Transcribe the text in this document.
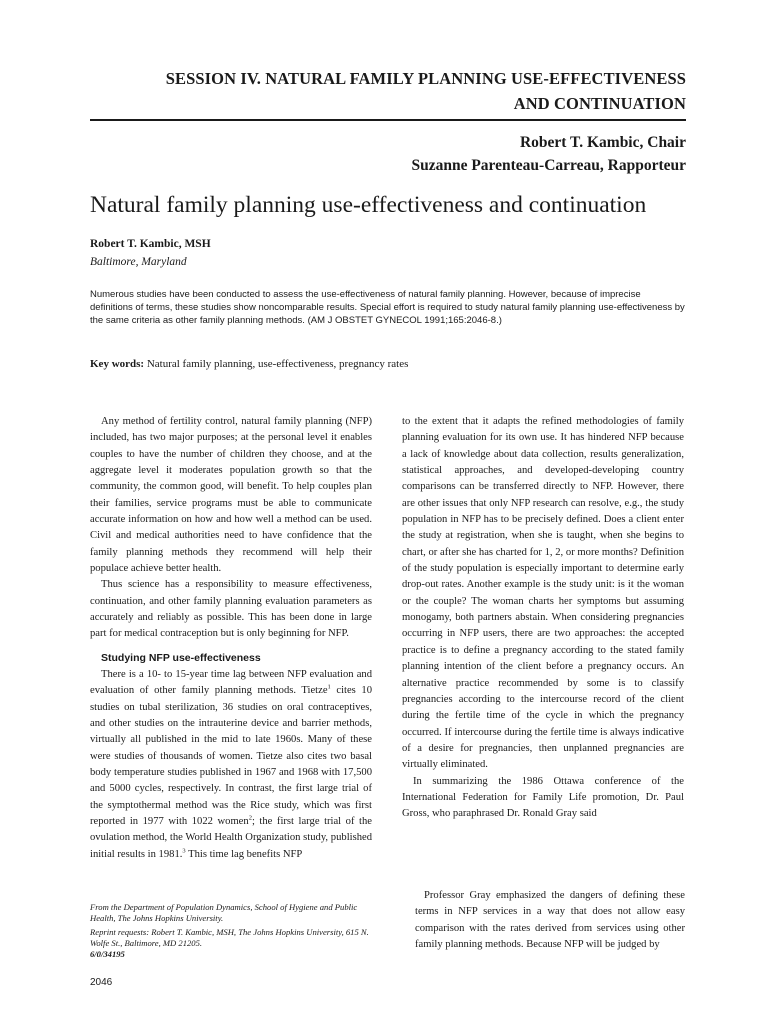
SESSION IV. NATURAL FAMILY PLANNING USE-EFFECTIVENESS
AND CONTINUATION
Robert T. Kambic, Chair
Suzanne Parenteau-Carreau, Rapporteur
Natural family planning use-effectiveness and continuation
Robert T. Kambic, MSH
Baltimore, Maryland

Numerous studies have been conducted to assess the use-effectiveness of natural family planning. However, because of imprecise definitions of terms, these studies show noncomparable results. Special effort is required to study natural family planning use-effectiveness by the same criteria as other family planning methods. (AM J OBSTET GYNECOL 1991;165:2046-8.)

Key words: Natural family planning, use-effectiveness, pregnancy rates

Any method of fertility control, natural family planning (NFP) included, has two major purposes; at the personal level it enables couples to have the number of children they choose, and at the aggregate level it moderates population growth so that the community, the common good, will benefit. To help couples plan their families, service programs must be able to communicate accurate information on how and how well a method can be used. Civil and medical authorities need to have confidence that the family planning methods they recommend will help their populace achieve better health.

Thus science has a responsibility to measure effectiveness, continuation, and other family planning evaluation parameters as accurately and reliably as possible. This has been done in large part for medical contraception but is only beginning for NFP.

Studying NFP use-effectiveness

There is a 10- to 15-year time lag between NFP evaluation and evaluation of other family planning methods. Tietze$^1$ cites 10 studies on tubal sterilization, 36 studies on oral contraceptives, and other studies on the intrauterine device and barrier methods, virtually all published in the mid to late 1960s. Many of these were studies of thousands of women. Tietze also cites two basal body temperature studies published in 1967 and 1968 with 17,500 and 5000 cycles, respectively. In contrast, the first large trial of the symptothermal method was the Rice study, which was first reported in 1977 with 1022 women$^2$; the first large trial of the ovulation method, the World Health Organization study, published initial results in 1981.$^3$ This time lag benefits NFP

to the extent that it adapts the refined methodologies of family planning evaluation for its own use. It has hindered NFP because a lack of knowledge about data collection, results generalization, statistical approaches, and developed-developing country comparisons can be transferred directly to NFP. However, there are other issues that only NFP research can resolve, e.g., the study population in NFP has to be precisely defined. Does a client enter the study at registration, when she is taught, when she begins to chart, or after she has charted for 1, 2, or more months? Definition of the study population is especially important to determine early drop-out rates. Another example is the study unit: is it the woman or the couple? The woman charts her symptoms but assuming monogamy, both partners abstain. When considering pregnancies occurring in NFP users, there are two approaches: the accepted practice is to define a pregnancy according to the stated family planning intention of the client before a pregnancy occurs. An alternative practice recommended by some is to classify pregnancies according to the intercourse record of the client during the fertile time of the cycle in which the pregnancy occurred. If intercourse during the fertile time is always indicative of a desire for pregnancies, then unplanned pregnancies are virtually eliminated.

In summarizing the 1986 Ottawa conference of the International Federation for Family Life promotion, Dr. Paul Gross, who paraphrased Dr. Ronald Gray said

Professor Gray emphasized the dangers of defining these terms in NFP services in a way that does not allow easy comparison with the rates derived from services using other family planning methods. Because NFP will be judged by

From the Department of Population Dynamics, School of Hygiene and Public Health, The Johns Hopkins University.

Reprint requests: Robert T. Kambic, MSH, The Johns Hopkins University, 615 N. Wolfe St., Baltimore, MD 21205.

6/0/34195

2046
